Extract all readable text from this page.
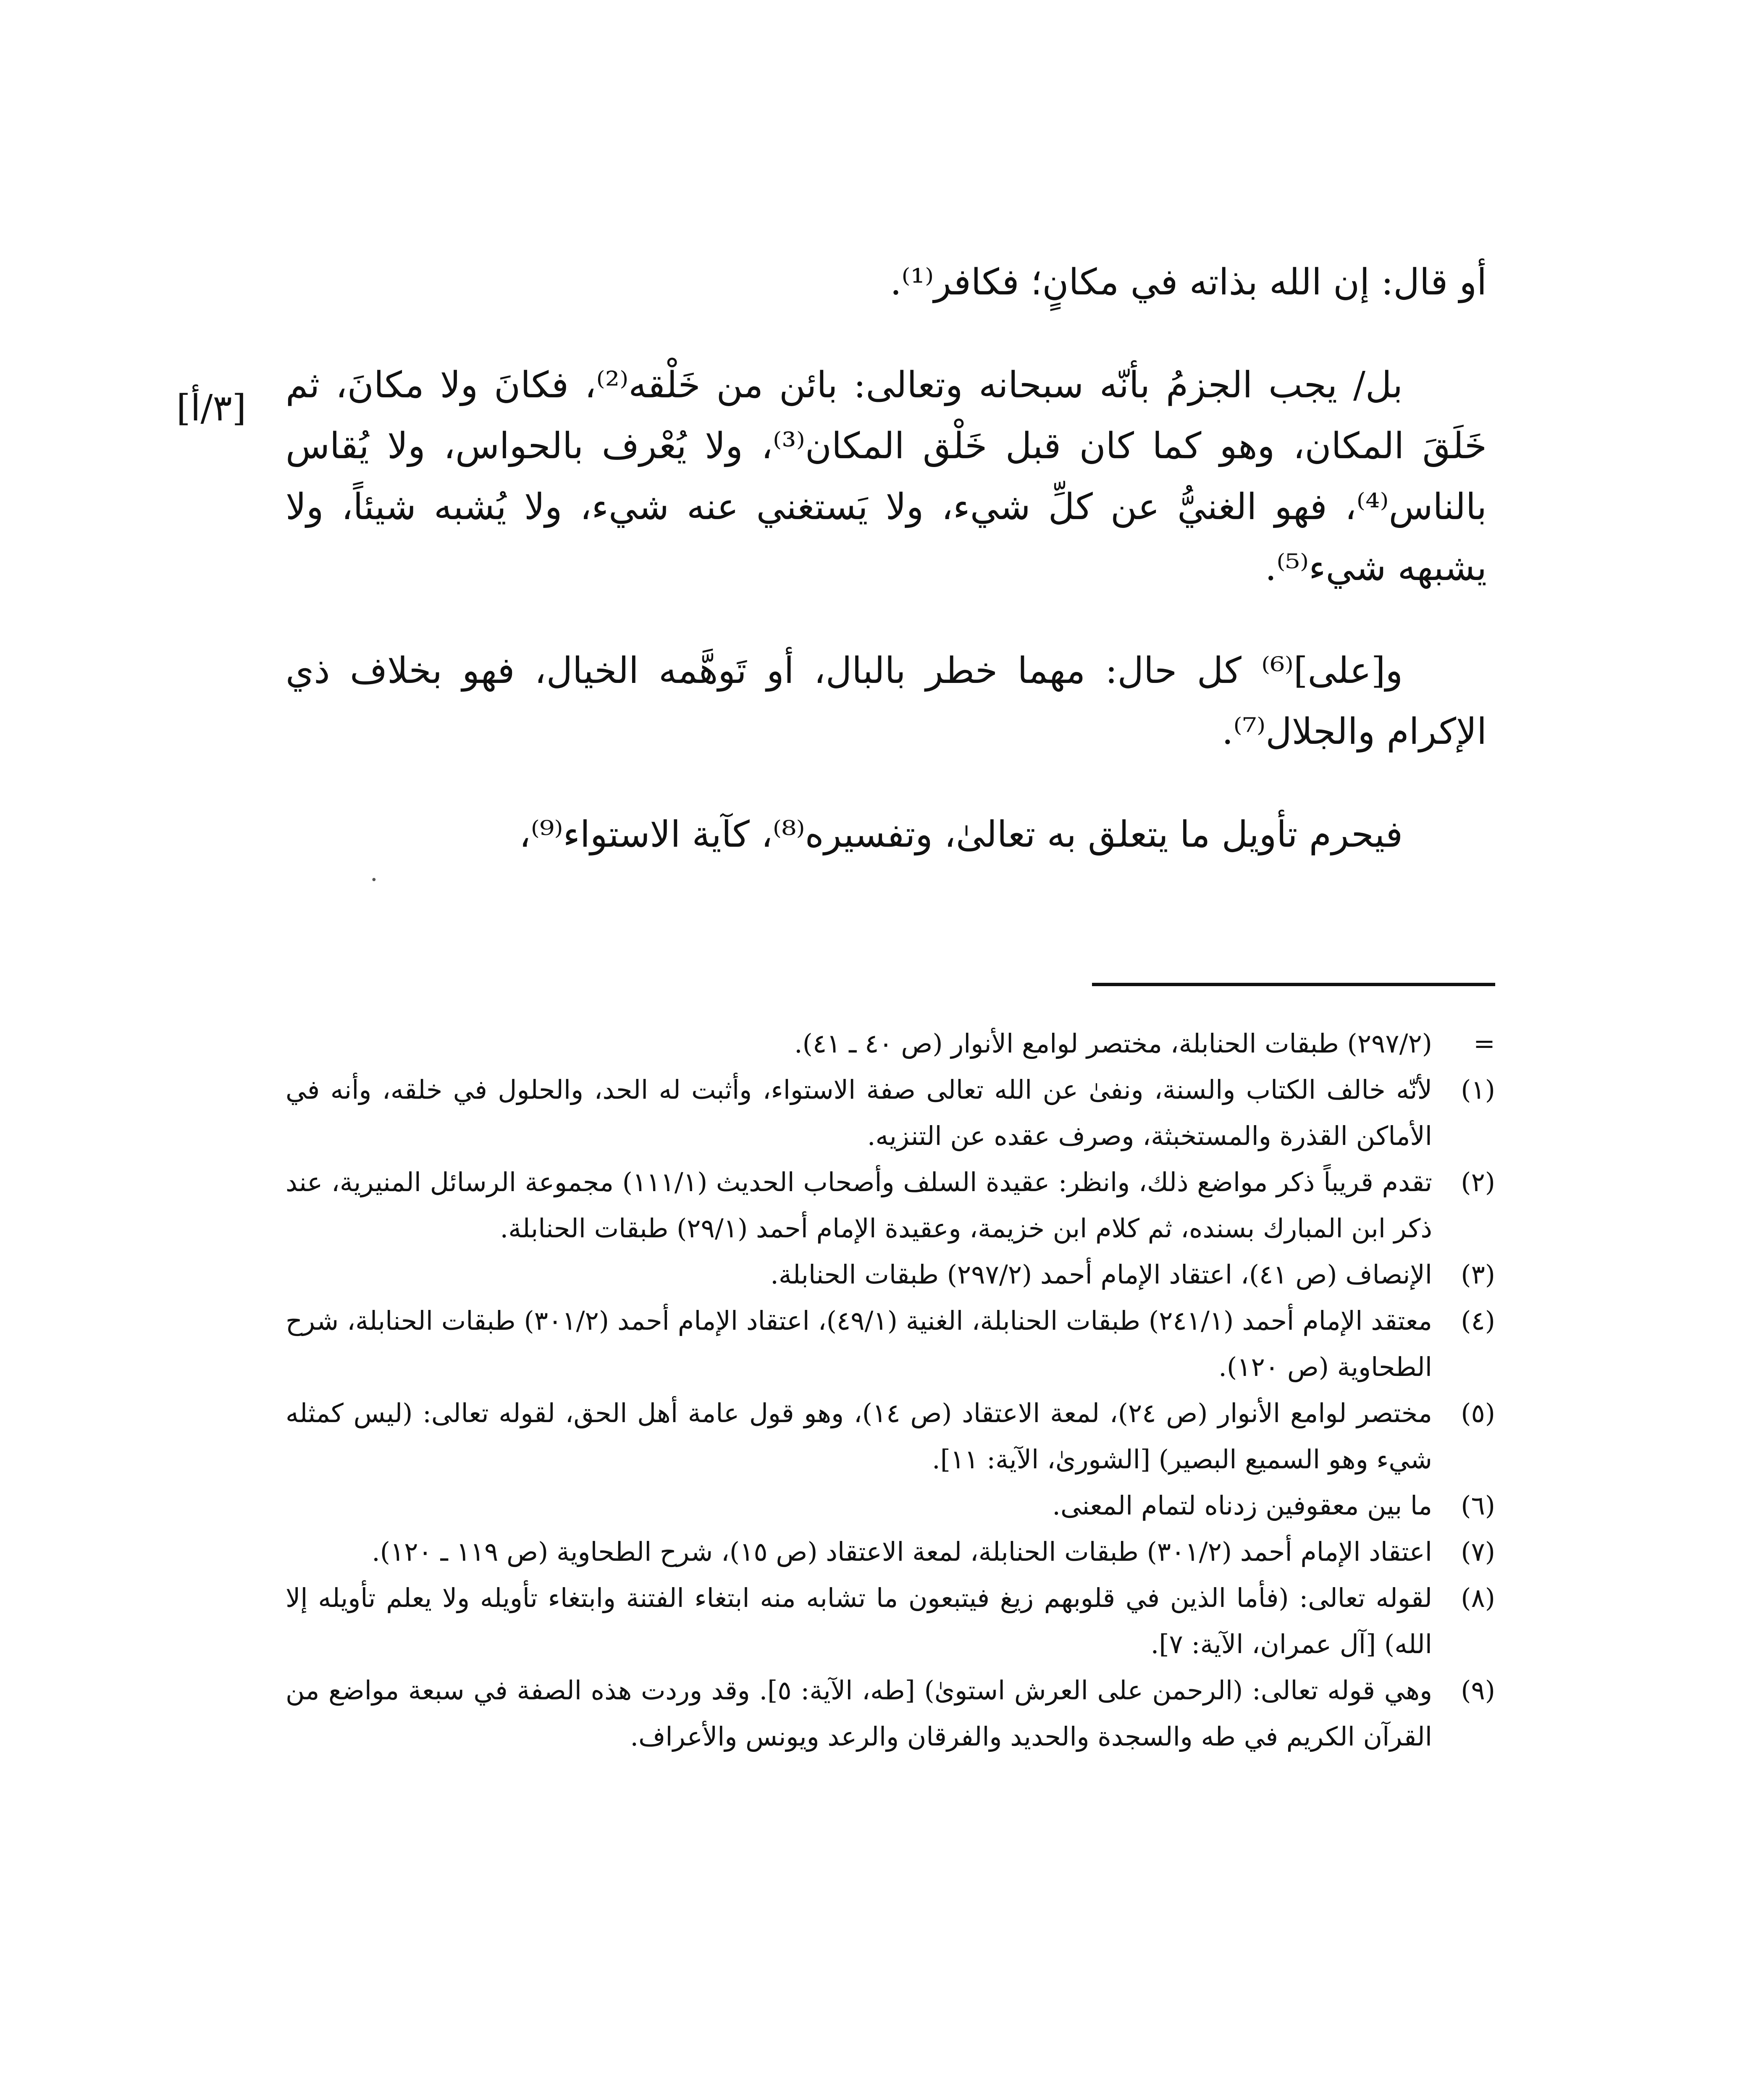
أو قال: إن الله بذاته في مكانٍ؛ فكافر⁽¹⁾.

بل/ يجب الجزمُ بأنّه سبحانه وتعالى: بائن من خَلْقه⁽²⁾، فكانَ ولا مكانَ، ثم خَلَقَ المكان، وهو كما كان قبل خَلْق المكان⁽³⁾، ولا يُعْرف بالحواس، ولا يُقاس بالناس⁽⁴⁾، فهو الغنيُّ عن كلِّ شيء، ولا يَستغني عنه شيء، ولا يُشبه شيئاً، ولا يشبهه شيء⁽⁵⁾.

و[على]⁽⁶⁾ كل حال: مهما خطر بالبال، أو تَوهَّمه الخيال، فهو بخلاف ذي الإكرام والجلال⁽⁷⁾.

فيحرم تأويل ما يتعلق به تعالىٰ، وتفسيره⁽⁸⁾، كآية الاستواء⁽⁹⁾،

[٣/أ]
·
=
(٢٩٧/٢) طبقات الحنابلة، مختصر لوامع الأنوار (ص ٤٠ ـ ٤١).
(١)
لأنّه خالف الكتاب والسنة، ونفىٰ عن الله تعالى صفة الاستواء، وأثبت له الحد، والحلول في خلقه، وأنه في الأماكن القذرة والمستخبثة، وصرف عقده عن التنزيه.
(٢)
تقدم قريباً ذكر مواضع ذلك، وانظر: عقيدة السلف وأصحاب الحديث (١١١/١) مجموعة الرسائل المنيرية، عند ذكر ابن المبارك بسنده، ثم كلام ابن خزيمة، وعقيدة الإمام أحمد (٢٩/١) طبقات الحنابلة.
(٣)
الإنصاف (ص ٤١)، اعتقاد الإمام أحمد (٢٩٧/٢) طبقات الحنابلة.
(٤)
معتقد الإمام أحمد (٢٤١/١) طبقات الحنابلة، الغنية (٤٩/١)، اعتقاد الإمام أحمد (٣٠١/٢) طبقات الحنابلة، شرح الطحاوية (ص ١٢٠).
(٥)
مختصر لوامع الأنوار (ص ٢٤)، لمعة الاعتقاد (ص ١٤)، وهو قول عامة أهل الحق، لقوله تعالى: (ليس كمثله شيء وهو السميع البصير) [الشورىٰ، الآية: ١١].
(٦)
ما بين معقوفين زدناه لتمام المعنى.
(٧)
اعتقاد الإمام أحمد (٣٠١/٢) طبقات الحنابلة، لمعة الاعتقاد (ص ١٥)، شرح الطحاوية (ص ١١٩ ـ ١٢٠).
(٨)
لقوله تعالى: (فأما الذين في قلوبهم زيغ فيتبعون ما تشابه منه ابتغاء الفتنة وابتغاء تأويله ولا يعلم تأويله إلا الله) [آل عمران، الآية: ٧].
(٩)
وهي قوله تعالى: (الرحمن على العرش استوىٰ) [طه، الآية: ٥]. وقد وردت هذه الصفة في سبعة مواضع من القرآن الكريم في طه والسجدة والحديد والفرقان والرعد ويونس والأعراف.
